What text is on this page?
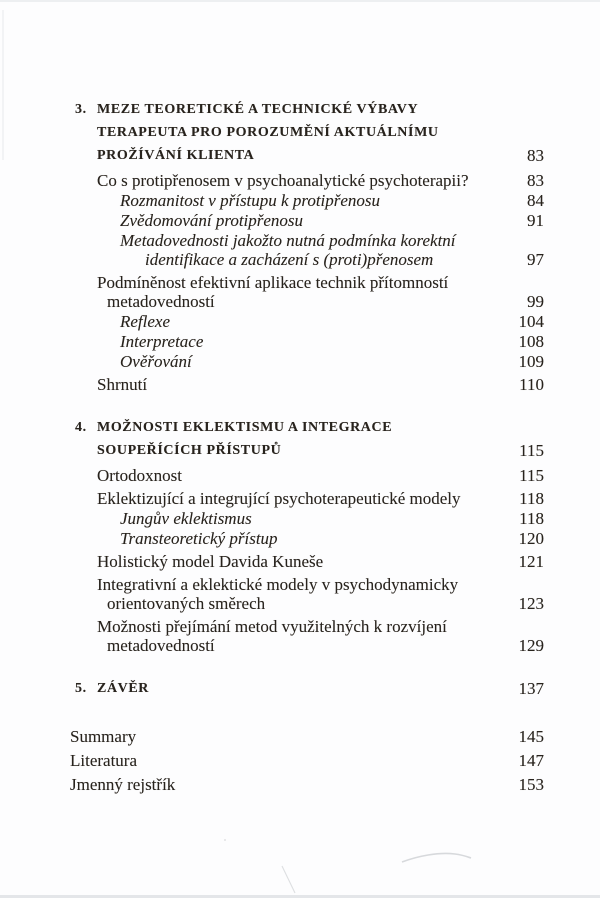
3. MEZE TEORETICKÉ A TECHNICKÉ VÝBAVY
TERAPEUTA PRO POROZUMĚNÍ AKTUÁLNÍMU
PROŽÍVÁNÍ KLIENTA	83
Co s protipřenosem v psychoanalytické psychoterapii?	83
Rozmanitost v přístupu k protipřenosu	84
Zvědomování protipřenosu	91
Metadovednosti jakožto nutná podmínka korektní
identifikace a zacházení s (proti)přenosem	97
Podmíněnost efektivní aplikace technik přítomností
metadovedností	99
Reflexe	104
Interpretace	108
Ověřování	109
Shrnutí	110
4. MOŽNOSTI EKLEKTISMU A INTEGRACE
SOUPEŘÍCÍCH PŘÍSTUPŮ	115
Ortodoxnost	115
Eklektizující a integrující psychoterapeutické modely	118
Jungův eklektismus	118
Transteoretický přístup	120
Holistický model Davida Kuneše	121
Integrativní a eklektické modely v psychodynamicky
orientovaných směrech	123
Možnosti přejímání metod využitelných k rozvíjení
metadovedností	129
5. ZÁVĚR	137
Summary	145
Literatura	147
Jmenný rejstřík	153
